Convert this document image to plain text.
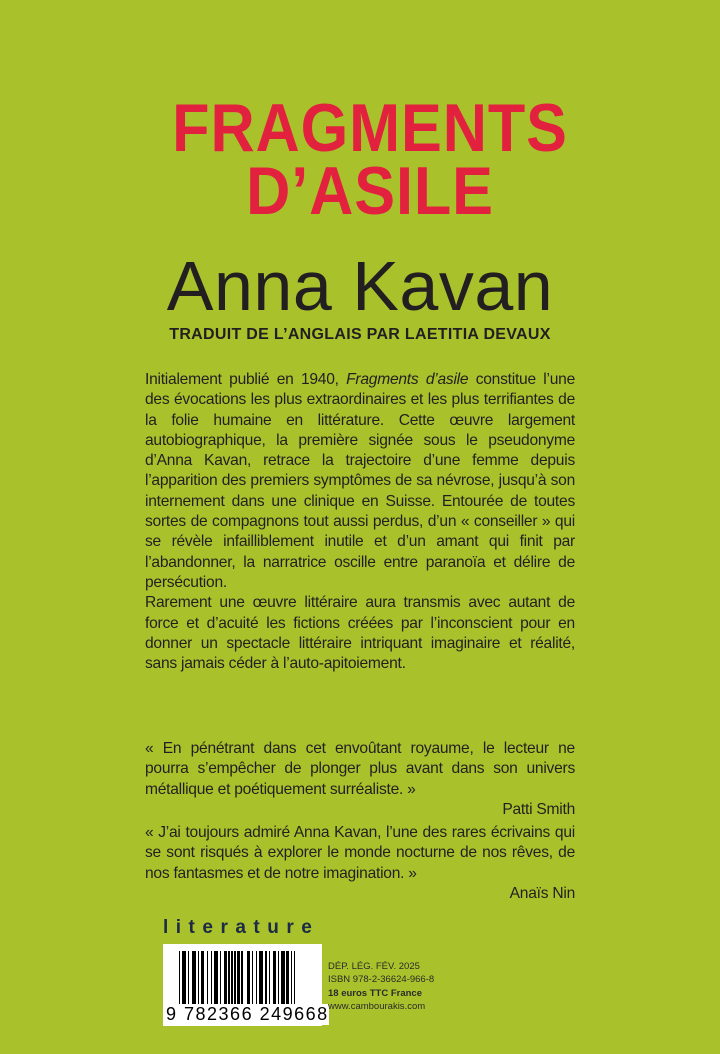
FRAGMENTS
D’ASILE
Anna Kavan
TRADUIT DE L’ANGLAIS PAR LAETITIA DEVAUX

Initialement publié en 1940, Fragments d’asile constitue l’une des évocations les plus extraordinaires et les plus terrifiantes de la folie humaine en littérature. Cette œuvre largement autobiographique, la première signée sous le pseudonyme d’Anna Kavan, retrace la trajectoire d’une femme depuis l’apparition des premiers symptômes de sa névrose, jusqu’à son internement dans une clinique en Suisse. Entourée de toutes sortes de compagnons tout aussi perdus, d’un « conseiller » qui se révèle infailliblement inutile et d’un amant qui finit par l’abandonner, la narratrice oscille entre paranoïa et délire de persécution.

Rarement une œuvre littéraire aura transmis avec autant de force et d’acuité les fictions créées par l’inconscient pour en donner un spectacle littéraire intriquant imaginaire et réalité, sans jamais céder à l’auto-apitoiement.

« En pénétrant dans cet envoûtant royaume, le lecteur ne pourra s’empêcher de plonger plus avant dans son univers métallique et poétiquement surréaliste. »

Patti Smith

« J’ai toujours admiré Anna Kavan, l’une des rares écrivains qui se sont risqués à explorer le monde nocturne de nos rêves, de nos fantasmes et de notre imagination. »

Anaïs Nin

literature
9 782366 249668
DÉP. LÉG. FÉV. 2025
ISBN 978-2-36624-966-8
18 euros TTC France
www.cambourakis.com
